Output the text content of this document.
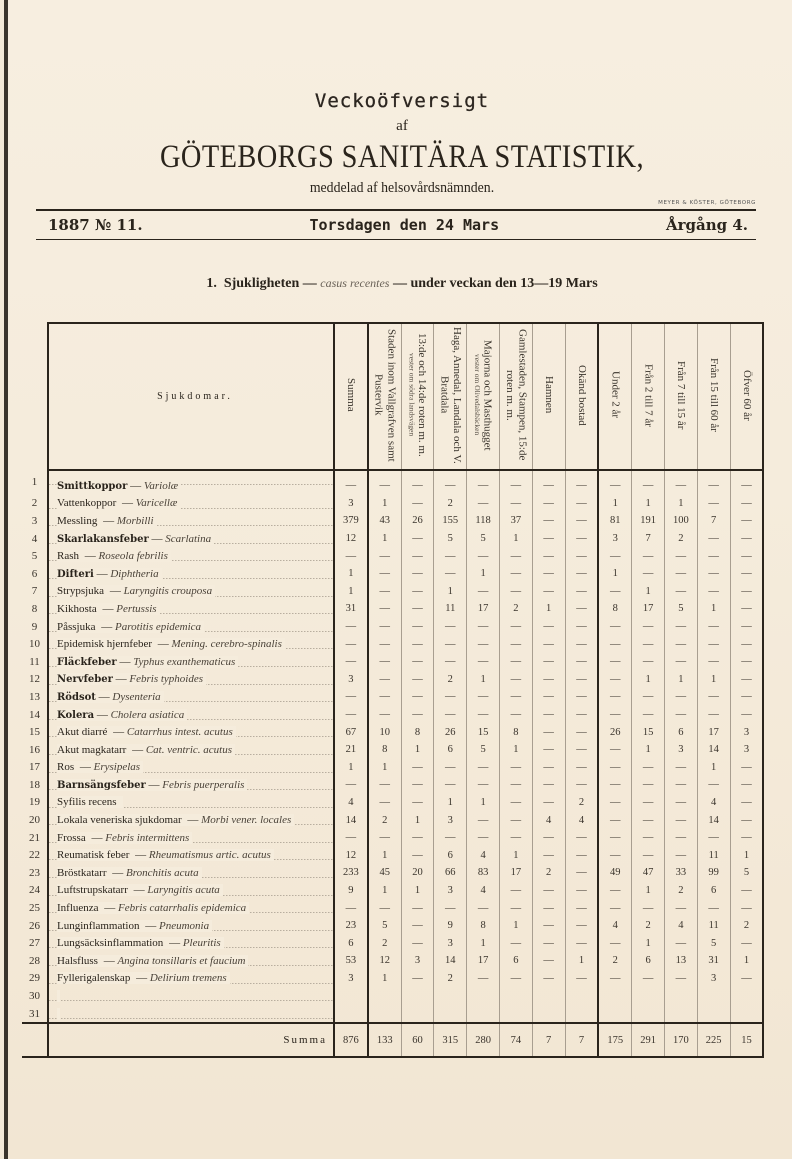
Veckoöfversigt
af
GÖTEBORGS SANITÄRA STATISTIK,
meddelad af helsovårdsnämnden.
MEYER & KÖSTER, GÖTEBORG
1887 № 11.	Torsdagen den 24 Mars	Årgång 4.
1. Sjukligheten — casus recentes — under veckan den 13—19 Mars
	Sjukdomar.	Summa	Staden inom Vallgrafven samt Pustervik	13:de och 14:de roten m. m.
vester om södra landsvägen	Haga, Annedal, Landala och V. Bratdala	Majorna och Masthugget
vester om Olivedalsbäcken	Gamlestaden, Stampen, 15:de roten m. m.	Hamnen	Okänd bostad	Under 2 år	Från 2 till 7 år	Från 7 till 15 år	Från 15 till 60 år	Öfver 60 år
1	Smittkoppor — Variolæ	—	—	—	—	—	—	—	—	—	—	—	—	—
2	Vattenkoppor — Varicellæ	3	1	—	2	—	—	—	—	1	1	1	—	—
3	Messling — Morbilli	379	43	26	155	118	37	—	—	81	191	100	7	—
4	Skarlakansfeber — Scarlatina	12	1	—	5	5	1	—	—	3	7	2	—	—
5	Rash — Roseola febrilis	—	—	—	—	—	—	—	—	—	—	—	—	—
6	Difteri — Diphtheria	1	—	—	—	1	—	—	—	1	—	—	—	—
7	Strypsjuka — Laryngitis crouposa	1	—	—	1	—	—	—	—	—	1	—	—	—
8	Kikhosta — Pertussis	31	—	—	11	17	2	1	—	8	17	5	1	—
9	Påssjuka — Parotitis epidemica	—	—	—	—	—	—	—	—	—	—	—	—	—
10	Epidemisk hjernfeber — Mening. cerebro-spinalis	—	—	—	—	—	—	—	—	—	—	—	—	—
11	Fläckfeber — Typhus exanthematicus	—	—	—	—	—	—	—	—	—	—	—	—	—
12	Nervfeber — Febris typhoides	3	—	—	2	1	—	—	—	—	1	1	1	—
13	Rödsot — Dysenteria	—	—	—	—	—	—	—	—	—	—	—	—	—
14	Kolera — Cholera asiatica	—	—	—	—	—	—	—	—	—	—	—	—	—
15	Akut diarré — Catarrhus intest. acutus	67	10	8	26	15	8	—	—	26	15	6	17	3
16	Akut magkatarr — Cat. ventric. acutus	21	8	1	6	5	1	—	—	—	1	3	14	3
17	Ros — Erysipelas	1	1	—	—	—	—	—	—	—	—	—	1	—
18	Barnsängsfeber — Febris puerperalis	—	—	—	—	—	—	—	—	—	—	—	—	—
19	Syfilis recens	4	—	—	1	1	—	—	2	—	—	—	4	—
20	Lokala veneriska sjukdomar — Morbi vener. locales	14	2	1	3	—	—	4	4	—	—	—	14	—
21	Frossa — Febris intermittens	—	—	—	—	—	—	—	—	—	—	—	—	—
22	Reumatisk feber — Rheumatismus artic. acutus	12	1	—	6	4	1	—	—	—	—	—	11	1
23	Bröstkatarr — Bronchitis acuta	233	45	20	66	83	17	2	—	49	47	33	99	5
24	Luftstrupskatarr — Laryngitis acuta	9	1	1	3	4	—	—	—	—	1	2	6	—
25	Influenza — Febris catarrhalis epidemica	—	—	—	—	—	—	—	—	—	—	—	—	—
26	Lunginflammation — Pneumonia	23	5	—	9	8	1	—	—	4	2	4	11	2
27	Lungsäcksinflammation — Pleuritis	6	2	—	3	1	—	—	—	—	1	—	5	—
28	Halsfluss — Angina tonsillaris et faucium	53	12	3	14	17	6	—	1	2	6	13	31	1
29	Fyllerigalenskap — Delirium tremens	3	1	—	2	—	—	—	—	—	—	—	3	—
30														
31														
	Summa	876	133	60	315	280	74	7	7	175	291	170	225	15
